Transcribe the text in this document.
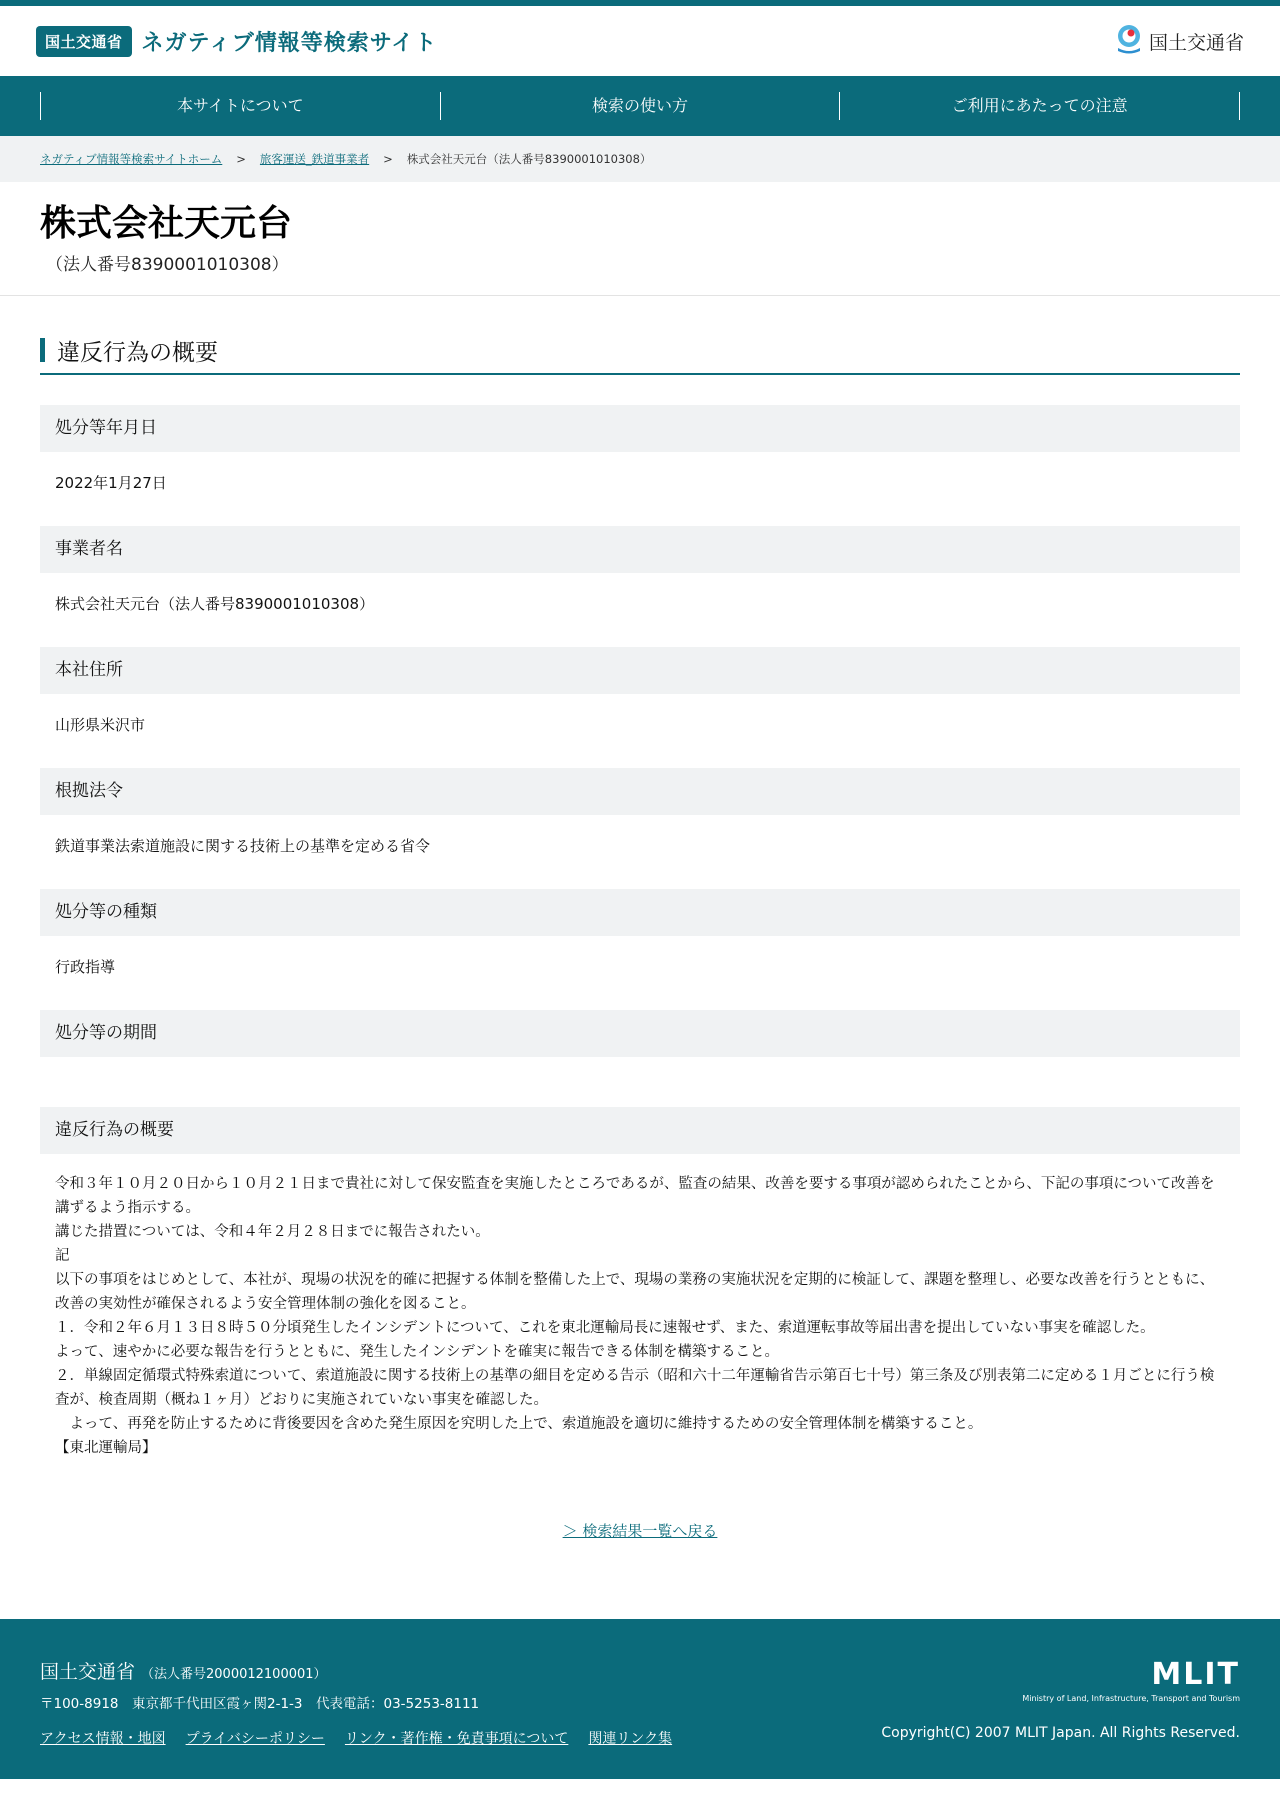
国土交通省 ネガティブ情報等検索サイト	国土交通省
本サイトについて	検索の使い方	ご利用にあたっての注意
ネガティブ情報等検索サイトホーム > 旅客運送_鉄道事業者 > 株式会社天元台（法人番号8390001010308）
株式会社天元台
（法人番号8390001010308）
違反行為の概要
処分等年月日
2022年1月27日
事業者名
株式会社天元台（法人番号8390001010308）
本社住所
山形県米沢市
根拠法令
鉄道事業法索道施設に関する技術上の基準を定める省令
処分等の種類
行政指導
処分等の期間
違反行為の概要

令和３年１０月２０日から１０月２１日まで貴社に対して保安監査を実施したところであるが、監査の結果、改善を要する事項が認められたことから、下記の事項について改善を講ずるよう指示する。

講じた措置については、令和４年２月２８日までに報告されたい。

記

以下の事項をはじめとして、本社が、現場の状況を的確に把握する体制を整備した上で、現場の業務の実施状況を定期的に検証して、課題を整理し、必要な改善を行うとともに、改善の実効性が確保されるよう安全管理体制の強化を図ること。

１．令和２年６月１３日８時５０分頃発生したインシデントについて、これを東北運輸局長に速報せず、また、索道運転事故等届出書を提出していない事実を確認した。

よって、速やかに必要な報告を行うとともに、発生したインシデントを確実に報告できる体制を構築すること。

２．単線固定循環式特殊索道について、索道施設に関する技術上の基準の細目を定める告示（昭和六十二年運輸省告示第百七十号）第三条及び別表第二に定める１月ごとに行う検査が、検査周期（概ね１ヶ月）どおりに実施されていない事実を確認した。

　よって、再発を防止するために背後要因を含めた発生原因を究明した上で、索道施設を適切に維持するための安全管理体制を構築すること。

【東北運輸局】

＞ 検索結果一覧へ戻る
国土交通省 （法人番号2000012100001）
〒100-8918　東京都千代田区霞ヶ関2-1-3　代表電話：03-5253-8111
アクセス情報・地図 プライバシーポリシー リンク・著作権・免責事項について 関連リンク集
MLIT
Ministry of Land, Infrastructure, Transport and Tourism
Copyright(C) 2007 MLIT Japan. All Rights Reserved.
